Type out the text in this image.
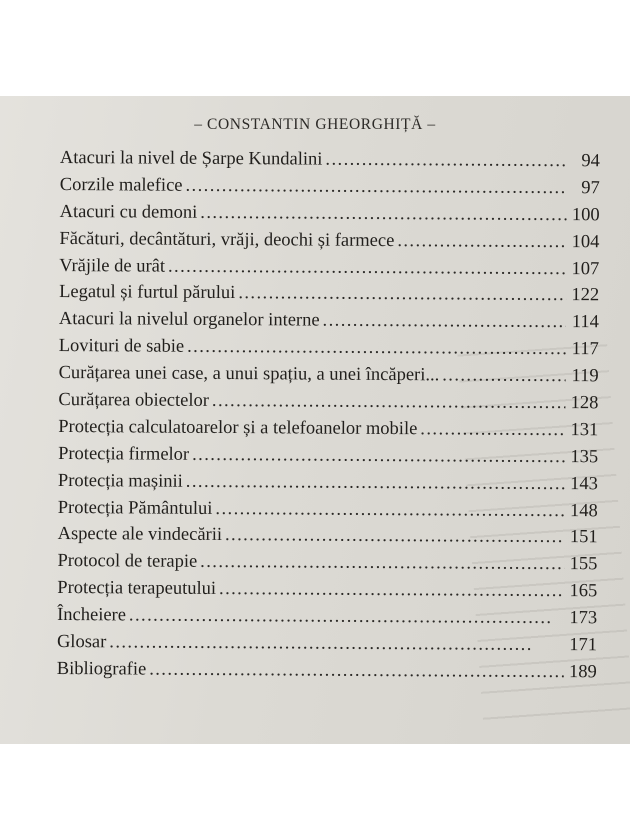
– CONSTANTIN GHEORGHIȚĂ –
Atacuri la nivel de Șarpe Kundalini . . .	94
Corzile malefice . . .	97
Atacuri cu demoni . . .	100
Făcături, decântături, vrăji, deochi și farmece . . .	104
Vrăjile de urât . . .	107
Legatul și furtul părului . . .	122
Atacuri la nivelul organelor interne . . .	114
Lovituri de sabie . . .	117
Curățarea unei case, a unui spațiu, a unei încăperi... . . .	119
Curățarea obiectelor . . .	128
Protecția calculatoarelor și a telefoanelor mobile . . .	131
Protecția firmelor . . .	135
Protecția mașinii . . .	143
Protecția Pământului . . .	148
Aspecte ale vindecării . . .	151
Protocol de terapie . . .	155
Protecția terapeutului . . .	165
Încheiere . . .	173
Glosar . . .	171
Bibliografie . . .	189
